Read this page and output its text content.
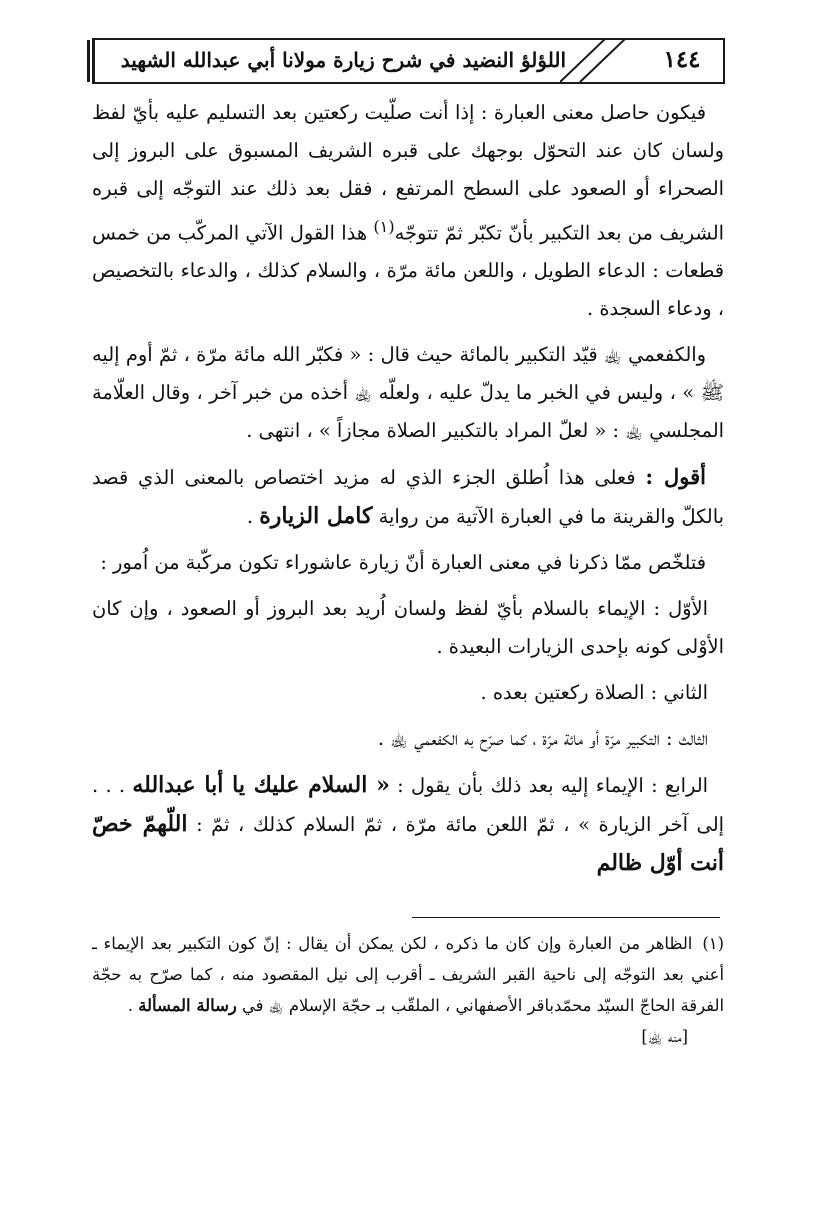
١٤٤
اللؤلؤ النضيد في شرح زيارة مولانا أبي عبدالله الشهيد

فيكون حاصل معنى العبارة : إذا أنت صلّيت ركعتين بعد التسليم عليه بأيّ لفظ ولسان كان عند التحوّل بوجهك على قبره الشريف المسبوق على البروز إلى الصحراء أو الصعود على السطح المرتفع ، فقل بعد ذلك عند التوجّه إلى قبره الشريف من بعد التكبير بأنّ تكبّر ثمّ تتوجّه$^{(١)}$ هذا القول الآتي المركّب من خمس قطعات : الدعاء الطويل ، واللعن مائة مرّة ، والسلام كذلك ، والدعاء بالتخصيص ، ودعاء السجدة .

والكفعمي ﵀ قيّد التكبير بالمائة حيث قال : « فكبّر الله مائة مرّة ، ثمّ أوم إليه ﷺ » ، وليس في الخبر ما يدلّ عليه ، ولعلّه ﵀ أخذه من خبر آخر ، وقال العلّامة المجلسي ﵀ : « لعلّ المراد بالتكبير الصلاة مجازاً » ، انتهى .

أقول : فعلى هذا اُطلق الجزء الذي له مزيد اختصاص بالمعنى الذي قصد بالكلّ والقرينة ما في العبارة الآتية من رواية كامل الزيارة .

فتلخّص ممّا ذكرنا في معنى العبارة أنّ زيارة عاشوراء تكون مركّبة من اُمور :

الأوّل : الإيماء بالسلام بأيّ لفظ ولسان اُريد بعد البروز أو الصعود ، وإن كان الأوْلى كونه بإحدى الزيارات البعيدة .

الثاني : الصلاة ركعتين بعده .

الثالث : التكبير مرّة أو مائة مرّة ، كما صرّح به الكفعمي ﵀ .

الرابع : الإيماء إليه بعد ذلك بأن يقول : « السلام عليك يا أبا عبدالله . . . إلى آخر الزيارة » ، ثمّ اللعن مائة مرّة ، ثمّ السلام كذلك ، ثمّ : اللّهمّ خصّ أنت أوّل ظالم

(١)الظاهر من العبارة وإن كان ما ذكره ، لكن يمكن أن يقال : إنّ كون التكبير بعد الإيماء ـ أعني بعد التوجّه إلى ناحية القبر الشريف ـ أقرب إلى نيل المقصود منه ، كما صرّح به حجّة الفرقة الحاجّ السيّد محمّدباقر الأصفهاني ، الملقّب بـ حجّة الإسلام ﵀ في رسالة المسألة .

[منه ﵀]
